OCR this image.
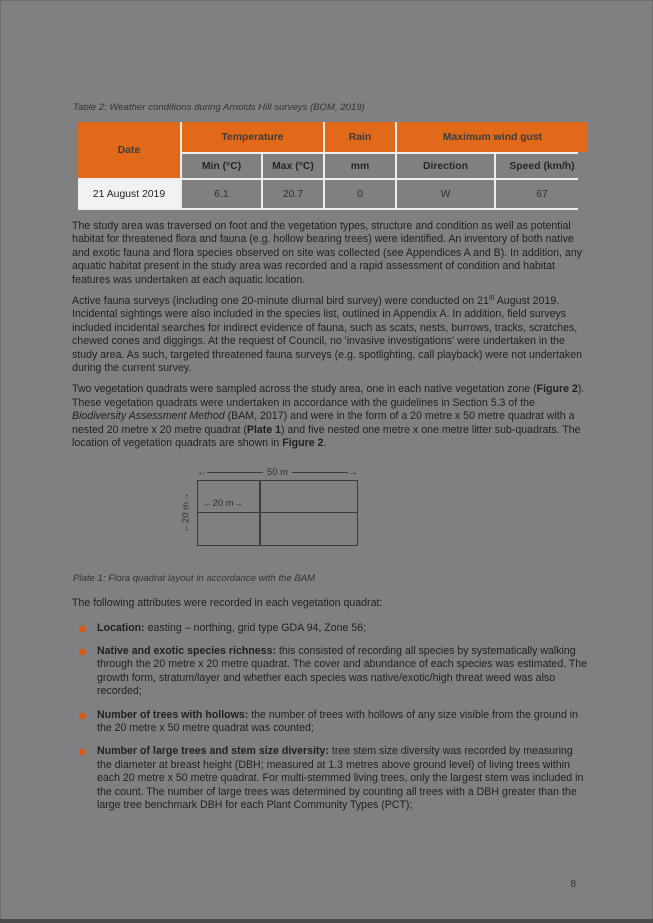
Table 2: Weather conditions during Arnolds Hill surveys (BOM, 2019)

Date
Temperature	Rain	Maximum wind gust
Min (°C)	Max (°C)	mm	Direction	Speed (km/h)
21 August 2019	6.1	20.7	0	W	67

The study area was traversed on foot and the vegetation types, structure and condition as well as potential habitat for threatened flora and fauna (e.g. hollow bearing trees) were identified. An inventory of both native and exotic fauna and flora species observed on site was collected (see Appendices A and B). In addition, any aquatic habitat present in the study area was recorded and a rapid assessment of condition and habitat features was undertaken at each aquatic location.

Active fauna surveys (including one 20-minute diurnal bird survey) were conducted on 21st August 2019. Incidental sightings were also included in the species list, outlined in Appendix A. In addition, field surveys included incidental searches for indirect evidence of fauna, such as scats, nests, burrows, tracks, scratches, chewed cones and diggings. At the request of Council, no 'invasive investigations' were undertaken in the study area. As such, targeted threatened fauna surveys (e.g. spotlighting, call playback) were not undertaken during the current survey.

Two vegetation quadrats were sampled across the study area, one in each native vegetation zone (Figure 2). These vegetation quadrats were undertaken in accordance with the guidelines in Section 5.3 of the Biodiversity Assessment Method (BAM, 2017) and were in the form of a 20 metre x 50 metre quadrat with a nested 20 metre x 20 metre quadrat (Plate 1) and five nested one metre x one metre litter sub-quadrats. The location of vegetation quadrats are shown in Figure 2.

←	50 m	→
←20 m→ ←20 m→

Plate 1: Flora quadrat layout in accordance with the BAM

The following attributes were recorded in each vegetation quadrat:

Location: easting – northing, grid type GDA 94, Zone 56;
Native and exotic species richness: this consisted of recording all species by systematically walking through the 20 metre x 20 metre quadrat. The cover and abundance of each species was estimated. The growth form, stratum/layer and whether each species was native/exotic/high threat weed was also recorded;
Number of trees with hollows: the number of trees with hollows of any size visible from the ground in the 20 metre x 50 metre quadrat was counted;
Number of large trees and stem size diversity: tree stem size diversity was recorded by measuring the diameter at breast height (DBH; measured at 1.3 metres above ground level) of living trees within each 20 metre x 50 metre quadrat. For multi-stemmed living trees, only the largest stem was included in the count. The number of large trees was determined by counting all trees with a DBH greater than the large tree benchmark DBH for each Plant Community Types (PCT);
8
